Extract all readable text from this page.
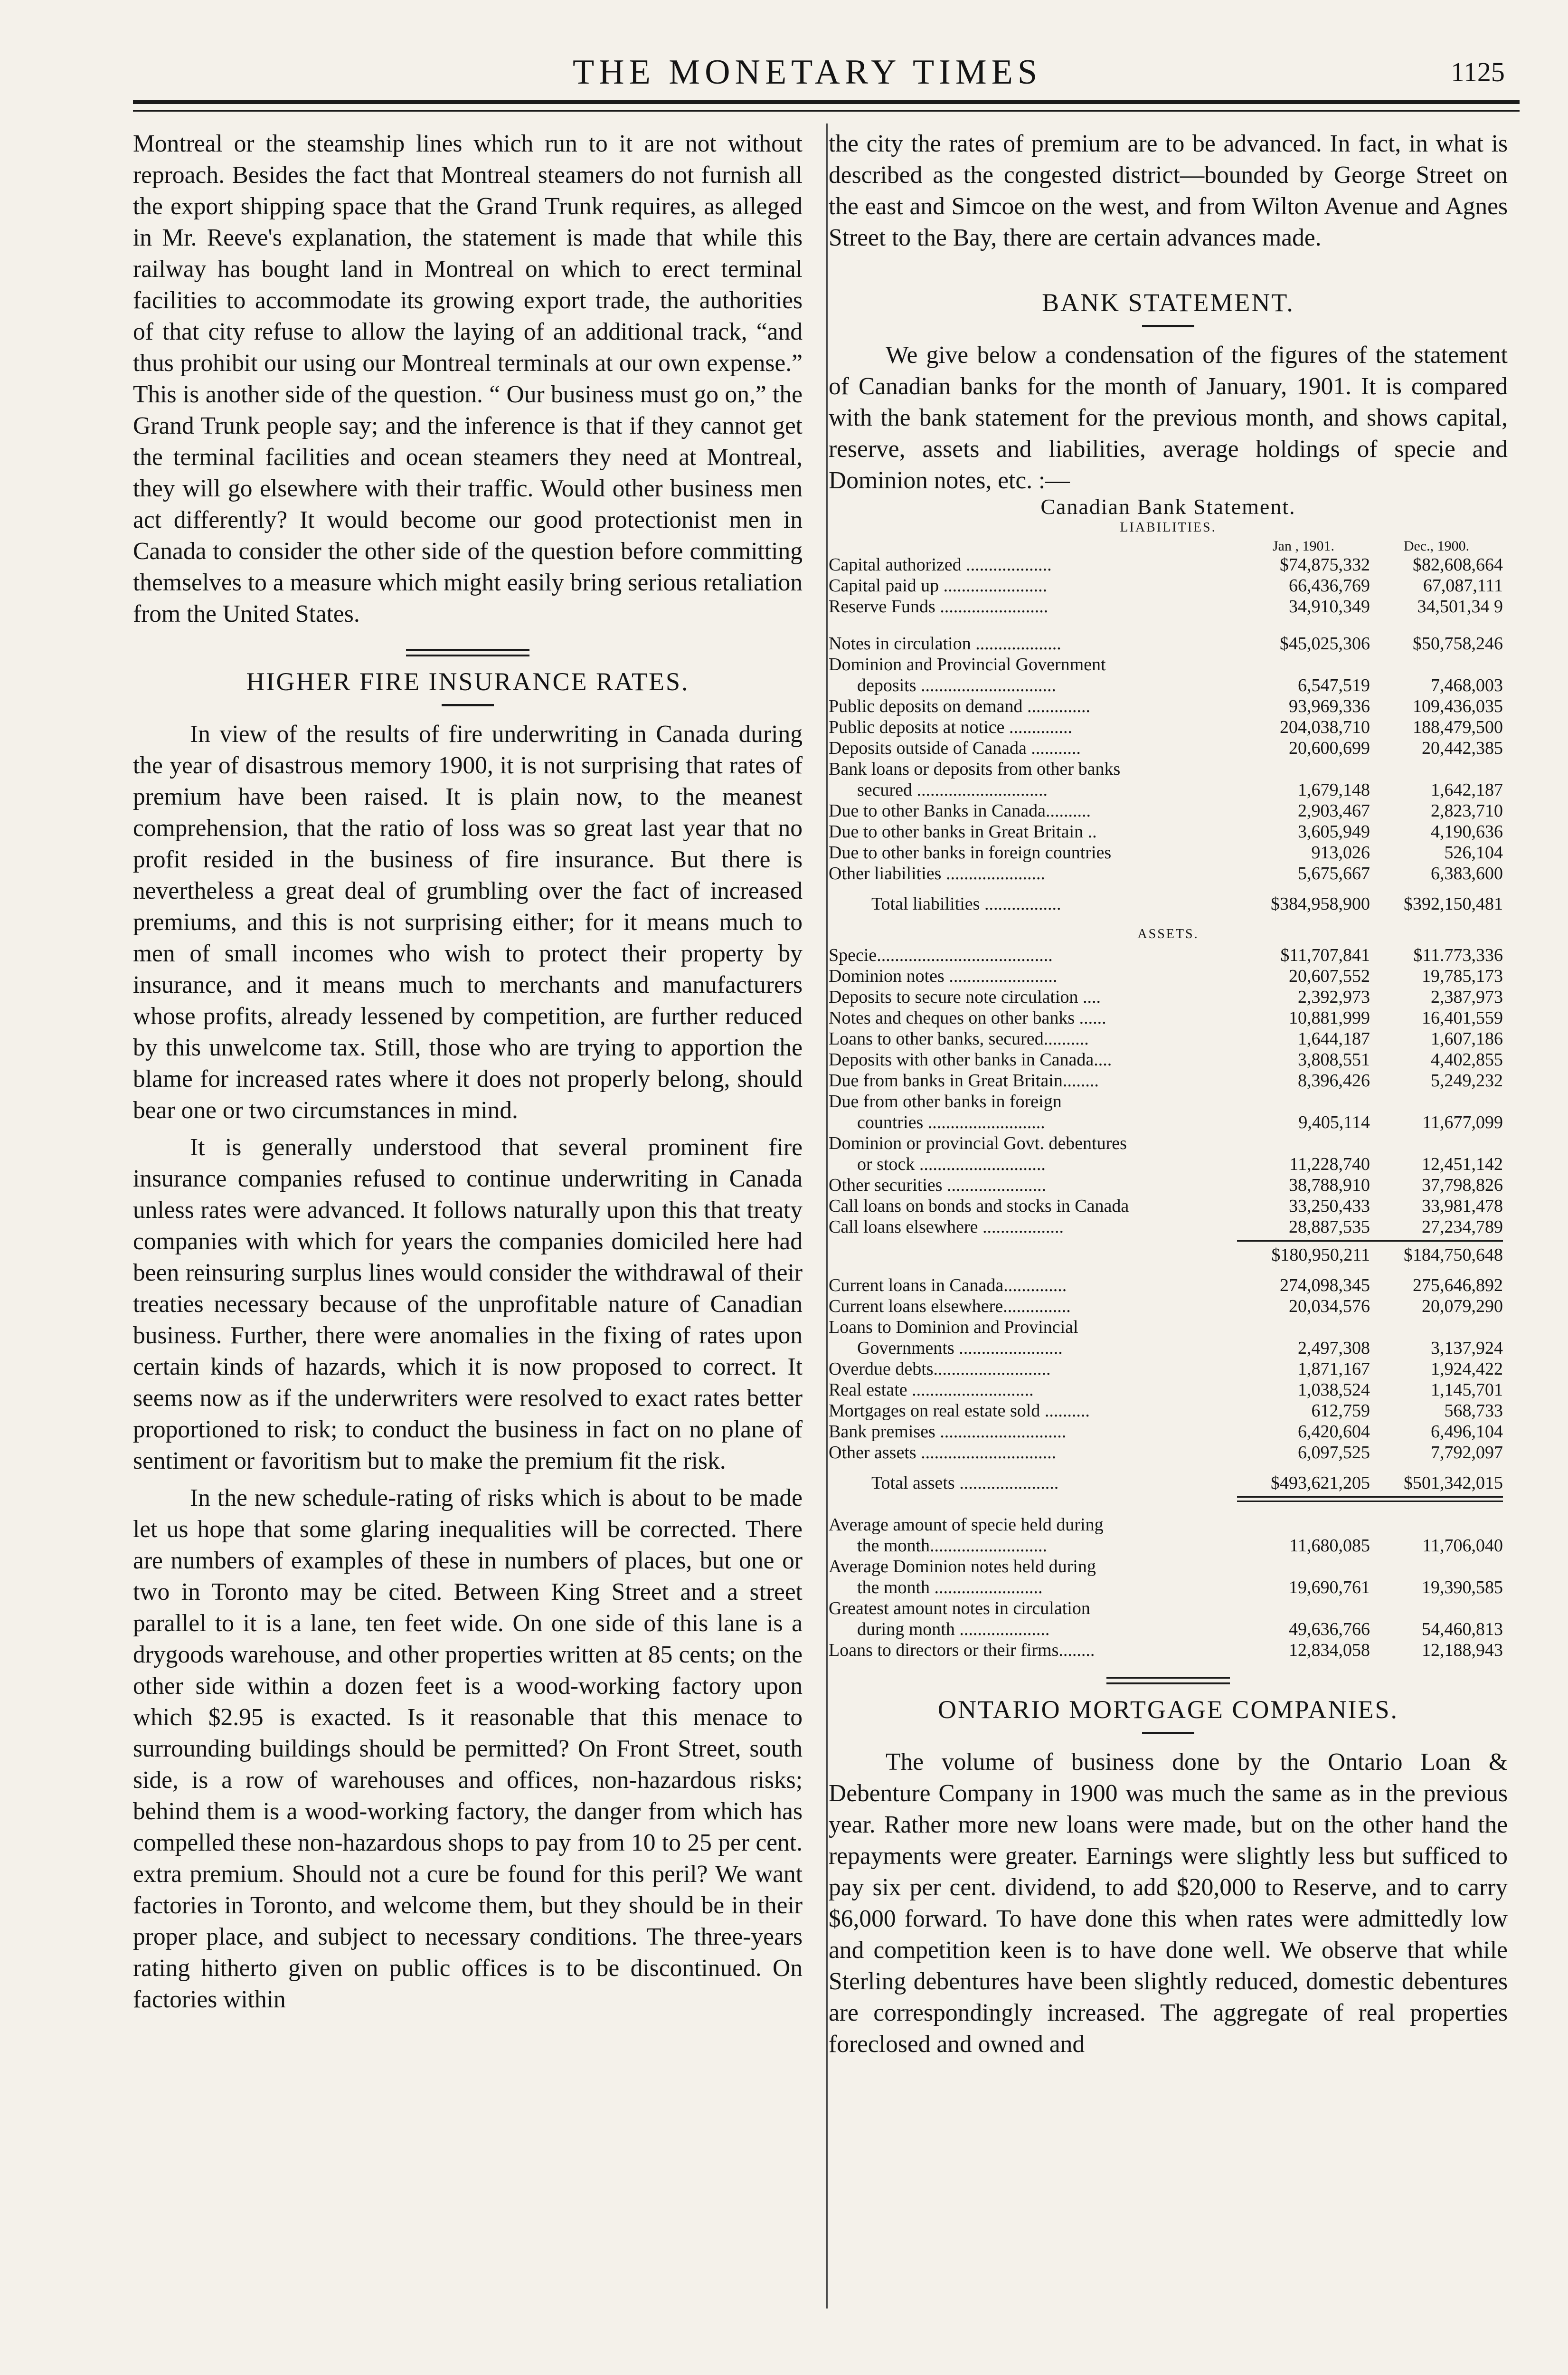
THE MONETARY TIMES	1125

Montreal or the steamship lines which run to it are not without reproach. Besides the fact that Montreal steamers do not furnish all the export shipping space that the Grand Trunk requires, as alleged in Mr. Reeve's explanation, the statement is made that while this railway has bought land in Montreal on which to erect terminal facilities to accommodate its growing export trade, the authorities of that city refuse to allow the laying of an additional track, “and thus prohibit our using our Montreal terminals at our own expense.” This is another side of the question. “ Our business must go on,” the Grand Trunk people say; and the inference is that if they cannot get the terminal facilities and ocean steamers they need at Montreal, they will go elsewhere with their traffic. Would other business men act differently? It would become our good protectionist men in Canada to consider the other side of the question before committing themselves to a measure which might easily bring serious retaliation from the United States.

HIGHER FIRE INSURANCE RATES.

In view of the results of fire underwriting in Canada during the year of disastrous memory 1900, it is not surprising that rates of premium have been raised. It is plain now, to the meanest comprehension, that the ratio of loss was so great last year that no profit resided in the business of fire insurance. But there is nevertheless a great deal of grumbling over the fact of increased premiums, and this is not surprising either; for it means much to men of small incomes who wish to protect their property by insurance, and it means much to merchants and manufacturers whose profits, already lessened by competition, are further reduced by this unwelcome tax. Still, those who are trying to apportion the blame for increased rates where it does not properly belong, should bear one or two circumstances in mind.

It is generally understood that several prominent fire insurance companies refused to continue underwriting in Canada unless rates were advanced. It follows naturally upon this that treaty companies with which for years the companies domiciled here had been reinsuring surplus lines would consider the withdrawal of their treaties necessary because of the unprofitable nature of Canadian business. Further, there were anomalies in the fixing of rates upon certain kinds of hazards, which it is now proposed to correct. It seems now as if the underwriters were resolved to exact rates better proportioned to risk; to conduct the business in fact on no plane of sentiment or favoritism but to make the premium fit the risk.

In the new schedule-rating of risks which is about to be made let us hope that some glaring inequalities will be corrected. There are numbers of examples of these in numbers of places, but one or two in Toronto may be cited. Between King Street and a street parallel to it is a lane, ten feet wide. On one side of this lane is a drygoods warehouse, and other properties written at 85 cents; on the other side within a dozen feet is a wood-working factory upon which $2.95 is exacted. Is it reasonable that this menace to surrounding buildings should be permitted? On Front Street, south side, is a row of warehouses and offices, non-hazardous risks; behind them is a wood-working factory, the danger from which has compelled these non-hazardous shops to pay from 10 to 25 per cent. extra premium. Should not a cure be found for this peril? We want factories in Toronto, and welcome them, but they should be in their proper place, and subject to necessary conditions. The three-years rating hitherto given on public offices is to be discontinued. On factories within

the city the rates of premium are to be advanced. In fact, in what is described as the congested district—bounded by George Street on the east and Simcoe on the west, and from Wilton Avenue and Agnes Street to the Bay, there are certain advances made.

BANK STATEMENT.

We give below a condensation of the figures of the statement of Canadian banks for the month of January, 1901. It is compared with the bank statement for the previous month, and shows capital, reserve, assets and liabilities, average holdings of specie and Dominion notes, etc. :—

Canadian Bank Statement.

LIABILITIES.

Jan , 1901.	Dec., 1900.
Capital authorized ...................	$74,875,332	$82,608,664
Capital paid up .......................	66,436,769	67,087,111
Reserve Funds ........................	34,910,349	34,501,34 9
Notes in circulation ...................	$45,025,306	$50,758,246
Dominion and Provincial Government
deposits ..............................	6,547,519	7,468,003
Public deposits on demand ..............	93,969,336	109,436,035
Public deposits at notice ..............	204,038,710	188,479,500
Deposits outside of Canada ...........	20,600,699	20,442,385
Bank loans or deposits from other banks
secured .............................	1,679,148	1,642,187
Due to other Banks in Canada..........	2,903,467	2,823,710
Due to other banks in Great Britain ..	3,605,949	4,190,636
Due to other banks in foreign countries	913,026	526,104
Other liabilities ......................	5,675,667	6,383,600
Total liabilities .................	$384,958,900	$392,150,481

ASSETS.

Specie.......................................	$11,707,841	$11.773,336
Dominion notes ........................	20,607,552	19,785,173
Deposits to secure note circulation ....	2,392,973	2,387,973
Notes and cheques on other banks ......	10,881,999	16,401,559
Loans to other banks, secured..........	1,644,187	1,607,186
Deposits with other banks in Canada....	3,808,551	4,402,855
Due from banks in Great Britain........	8,396,426	5,249,232
Due from other banks in foreign
countries ..........................	9,405,114	11,677,099
Dominion or provincial Govt. debentures
or stock ............................	11,228,740	12,451,142
Other securities ......................	38,788,910	37,798,826
Call loans on bonds and stocks in Canada	33,250,433	33,981,478
Call loans elsewhere ..................	28,887,535	27,234,789
$180,950,211	$184,750,648
Current loans in Canada..............	274,098,345	275,646,892
Current loans elsewhere...............	20,034,576	20,079,290
Loans to Dominion and Provincial
Governments .......................	2,497,308	3,137,924
Overdue debts..........................	1,871,167	1,924,422
Real estate ...........................	1,038,524	1,145,701
Mortgages on real estate sold ..........	612,759	568,733
Bank premises ............................	6,420,604	6,496,104
Other assets ..............................	6,097,525	7,792,097
Total assets ......................	$493,621,205	$501,342,015
Average amount of specie held during
the month..........................	11,680,085	11,706,040
Average Dominion notes held during
the month ........................	19,690,761	19,390,585
Greatest amount notes in circulation
during month ....................	49,636,766	54,460,813
Loans to directors or their firms........	12,834,058	12,188,943

ONTARIO MORTGAGE COMPANIES.

The volume of business done by the Ontario Loan & Debenture Company in 1900 was much the same as in the previous year. Rather more new loans were made, but on the other hand the repayments were greater. Earnings were slightly less but sufficed to pay six per cent. dividend, to add $20,000 to Reserve, and to carry $6,000 forward. To have done this when rates were admittedly low and competition keen is to have done well. We observe that while Sterling debentures have been slightly reduced, domestic debentures are correspondingly increased. The aggregate of real properties foreclosed and owned and
